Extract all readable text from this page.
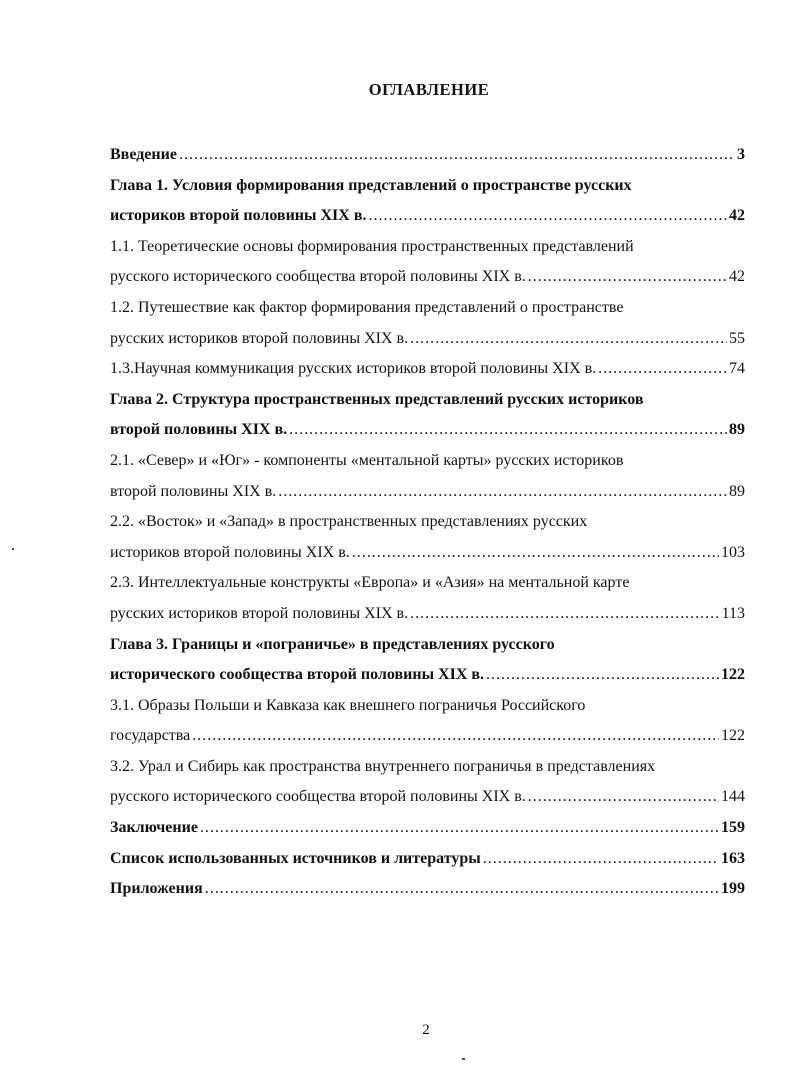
ОГЛАВЛЕНИЕ
Введение . . .	3
Глава 1. Условия формирования представлений о пространстве русских
историков второй половины XIX в. . . .	42
1.1. Теоретические основы формирования пространственных представлений
русского исторического сообщества второй половины XIX в. . . .	42
1.2. Путешествие как фактор формирования представлений о пространстве
русских историков второй половины XIX в. . . .	55
1.3.Научная коммуникация русских историков второй половины XIX в. . . .	74
Глава 2. Структура пространственных представлений русских историков
второй половины XIX в. . . .	89
2.1. «Север» и «Юг» - компоненты «ментальной карты» русских историков
второй половины XIX в. . . .	89
2.2. «Восток» и «Запад» в пространственных представлениях русских
историков второй половины XIX в. . . .	103
2.3. Интеллектуальные конструкты «Европа» и «Азия» на ментальной карте
русских историков второй половины XIX в. . . .	113
Глава 3. Границы и «пограничье» в представлениях русского
исторического сообщества второй половины XIX в. . . .	122
3.1. Образы Польши и Кавказа как внешнего пограничья Российского
государства . . .	122
3.2. Урал и Сибирь как пространства внутреннего пограничья в представлениях
русского исторического сообщества второй половины XIX в. . . .	144
Заключение . . .	159
Список использованных источников и литературы . . .	163
Приложения . . .	199
2
